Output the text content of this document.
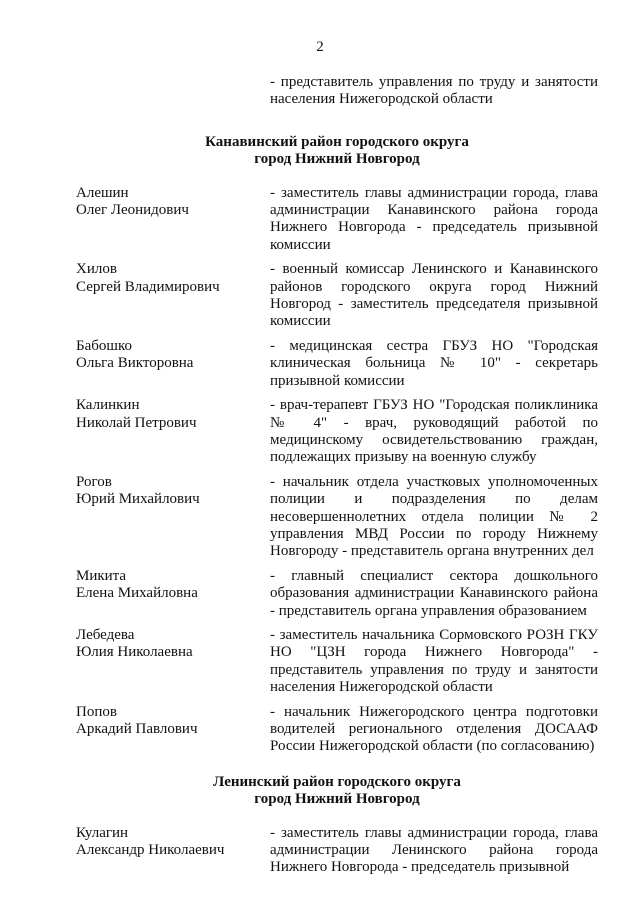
2
- представитель управления по труду и занятости населения Нижегородской области
Канавинский район городского округа
город Нижний Новгород
Алешин
Олег Леонидович
- заместитель главы администрации города, глава администрации Канавинского района города Нижнего Новгорода - председатель призывной комиссии
Хилов
Сергей Владимирович
- военный комиссар Ленинского и Канавинского районов городского округа город Нижний Новгород - заместитель председателя призывной комиссии
Бабошко
Ольга Викторовна
- медицинская сестра ГБУЗ НО "Городская клиническая больница № 10" - секретарь призывной комиссии
Калинкин
Николай Петрович
- врач-терапевт ГБУЗ НО "Городская поликлиника № 4" - врач, руководящий работой по медицинскому освидетельствованию граждан, подлежащих призыву на военную службу
Рогов
Юрий Михайлович
- начальник отдела участковых уполномоченных полиции и подразделения по делам несовершеннолетних отдела полиции № 2 управления МВД России по городу Нижнему Новгороду - представитель органа внутренних дел
Микита
Елена Михайловна
- главный специалист сектора дошкольного образования администрации Канавинского района - представитель органа управления образованием
Лебедева
Юлия Николаевна
- заместитель начальника Сормовского РОЗН ГКУ НО "ЦЗН города Нижнего Новгорода" - представитель управления по труду и занятости населения Нижегородской области
Попов
Аркадий Павлович
- начальник Нижегородского центра подготовки водителей регионального отделения ДОСААФ России Нижегородской области (по согласованию)
Ленинский район городского округа
город Нижний Новгород
Кулагин
Александр Николаевич
- заместитель главы администрации города, глава администрации Ленинского района города Нижнего Новгорода - председатель призывной
